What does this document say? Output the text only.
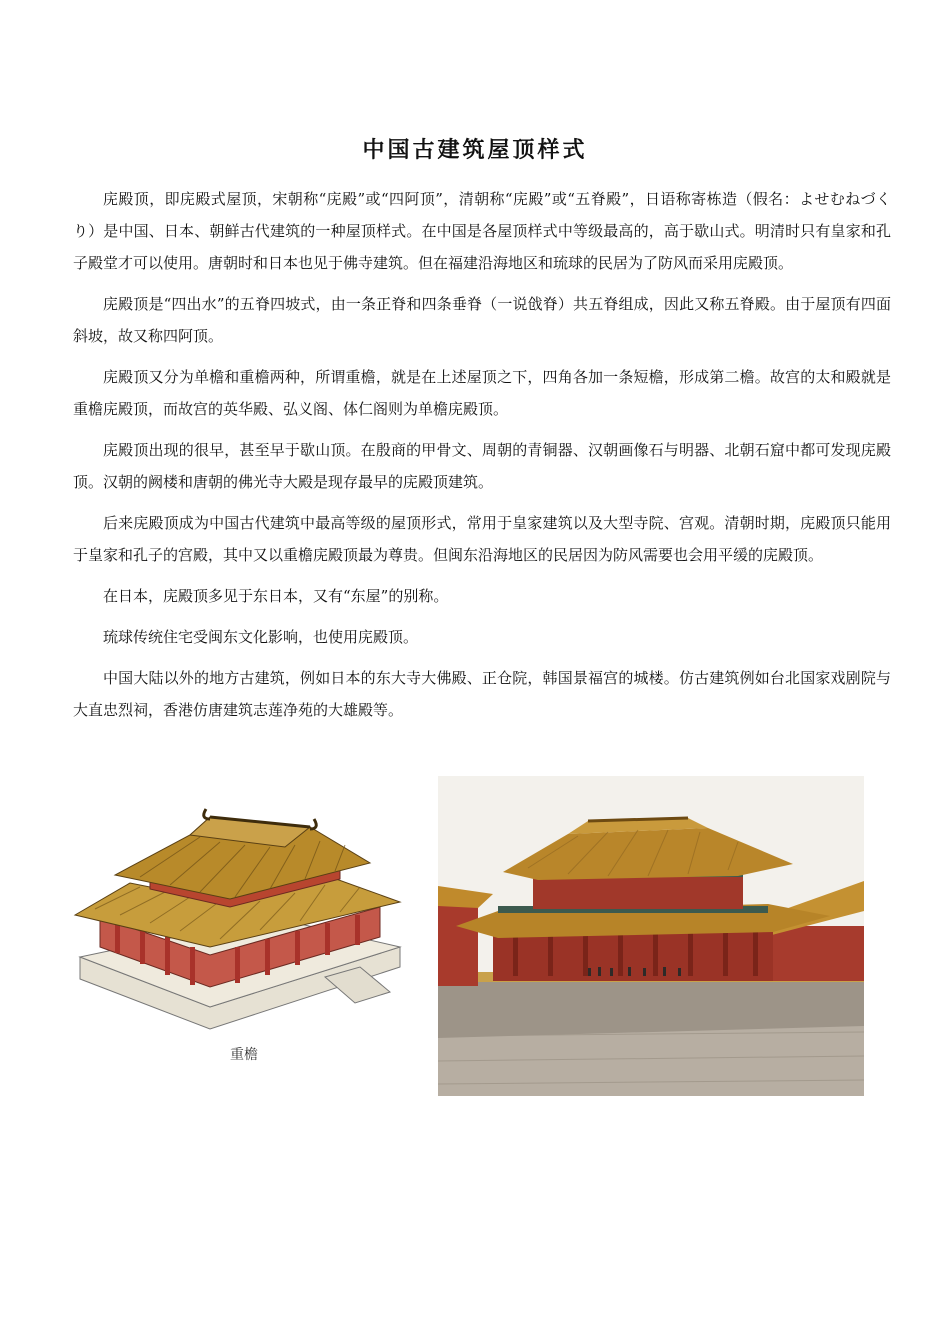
中国古建筑屋顶样式

庑殿顶，即庑殿式屋顶，宋朝称“庑殿”或“四阿顶”，清朝称“庑殿”或“五脊殿”，日语称寄栋造（假名：よせむねづくり）是中国、日本、朝鲜古代建筑的一种屋顶样式。在中国是各屋顶样式中等级最高的，高于歇山式。明清时只有皇家和孔子殿堂才可以使用。唐朝时和日本也见于佛寺建筑。但在福建沿海地区和琉球的民居为了防风而采用庑殿顶。

庑殿顶是“四出水”的五脊四坡式，由一条正脊和四条垂脊（一说戗脊）共五脊组成，因此又称五脊殿。由于屋顶有四面斜坡，故又称四阿顶。

庑殿顶又分为单檐和重檐两种，所谓重檐，就是在上述屋顶之下，四角各加一条短檐，形成第二檐。故宫的太和殿就是重檐庑殿顶，而故宫的英华殿、弘义阁、体仁阁则为单檐庑殿顶。

庑殿顶出现的很早，甚至早于歇山顶。在殷商的甲骨文、周朝的青铜器、汉朝画像石与明器、北朝石窟中都可发现庑殿顶。汉朝的阙楼和唐朝的佛光寺大殿是现存最早的庑殿顶建筑。

后来庑殿顶成为中国古代建筑中最高等级的屋顶形式，常用于皇家建筑以及大型寺院、宫观。清朝时期，庑殿顶只能用于皇家和孔子的宫殿，其中又以重檐庑殿顶最为尊贵。但闽东沿海地区的民居因为防风需要也会用平缓的庑殿顶。

在日本，庑殿顶多见于东日本，又有“东屋”的别称。

琉球传统住宅受闽东文化影响，也使用庑殿顶。

中国大陆以外的地方古建筑，例如日本的东大寺大佛殿、正仓院，韩国景福宫的城楼。仿古建筑例如台北国家戏剧院与大直忠烈祠，香港仿唐建筑志莲净苑的大雄殿等。

重檐
